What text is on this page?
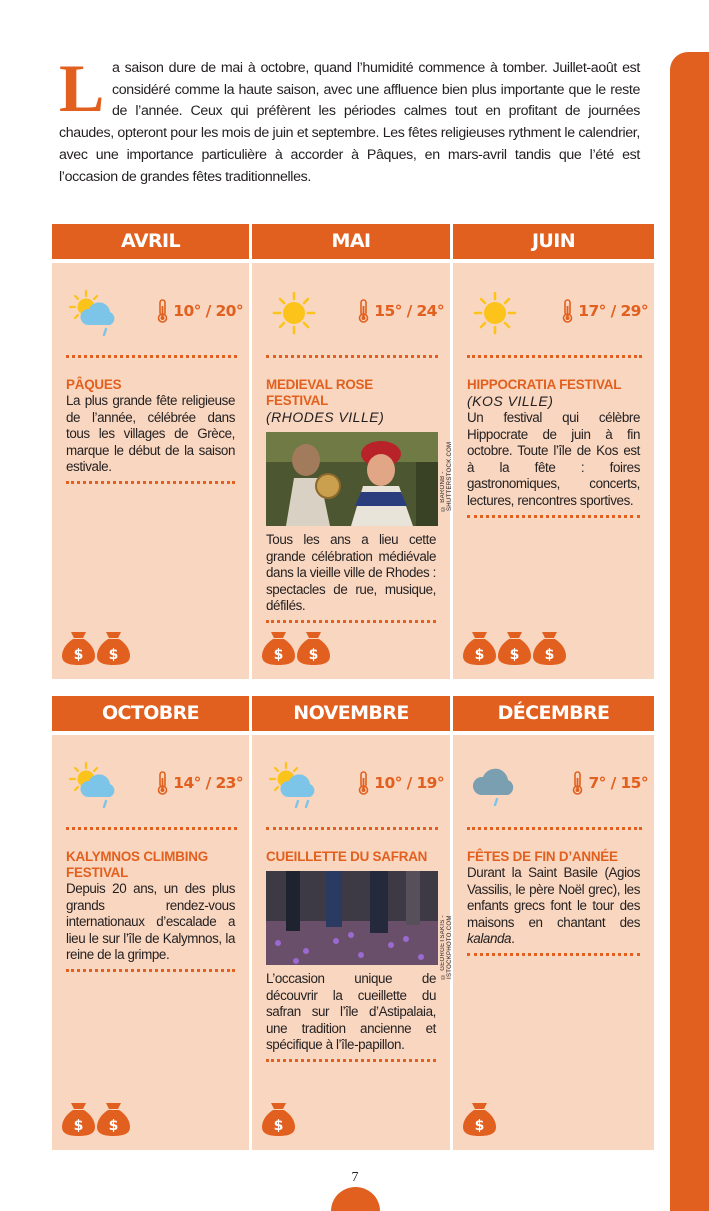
La saison dure de mai à octobre, quand l’humidité commence à tomber. Juillet-août est considéré comme la haute saison, avec une affluence bien plus importante que le reste de l’année. Ceux qui préfèrent les périodes calmes tout en profitant de journées chaudes, opteront pour les mois de juin et septembre. Les fêtes religieuses rythment le calendrier, avec une importance particulière à accorder à Pâques, en mars-avril tandis que l’été est l’occasion de grandes fêtes traditionnelles.

AVRIL
10° / 20°
PÂQUES
La plus grande fête religieuse de l’année, célébrée dans tous les villages de Grèce, marque le début de la saison estivale.
MAI
15° / 24°
MEDIEVAL ROSE FESTIVAL
(RHODES VILLE)
Tous les ans a lieu cette grande célébration médiévale dans la vieille ville de Rhodes : spectacles de rue, musique, défilés.
© BARONB - SHUTTERSTOCK.COM
JUIN
17° / 29°
HIPPOCRATIA FESTIVAL
(KOS VILLE)
Un festival qui célèbre Hippocrate de juin à fin octobre. Toute l’île de Kos est à la fête : foires gastronomiques, concerts, lectures, rencontres sportives.
OCTOBRE
14° / 23°
KALYMNOS CLIMBING FESTIVAL
Depuis 20 ans, un des plus grands rendez-vous internationaux d’escalade a lieu le sur l’île de Kalymnos, la reine de la grimpe.
NOVEMBRE
10° / 19°
CUEILLETTE DU SAFRAN
L’occasion unique de découvrir la cueillette du safran sur l’île d’Astipalaia, une tradition ancienne et spécifique à l’île-papillon.
© GEORGETSAKIS - ISTOCKPHOTO.COM
DÉCEMBRE
7° / 15°
FÊTES DE FIN D’ANNÉE
Durant la Saint Basile (Agios Vassilis, le père Noël grec), les enfants grecs font le tour des maisons en chantant des kalanda.
7
